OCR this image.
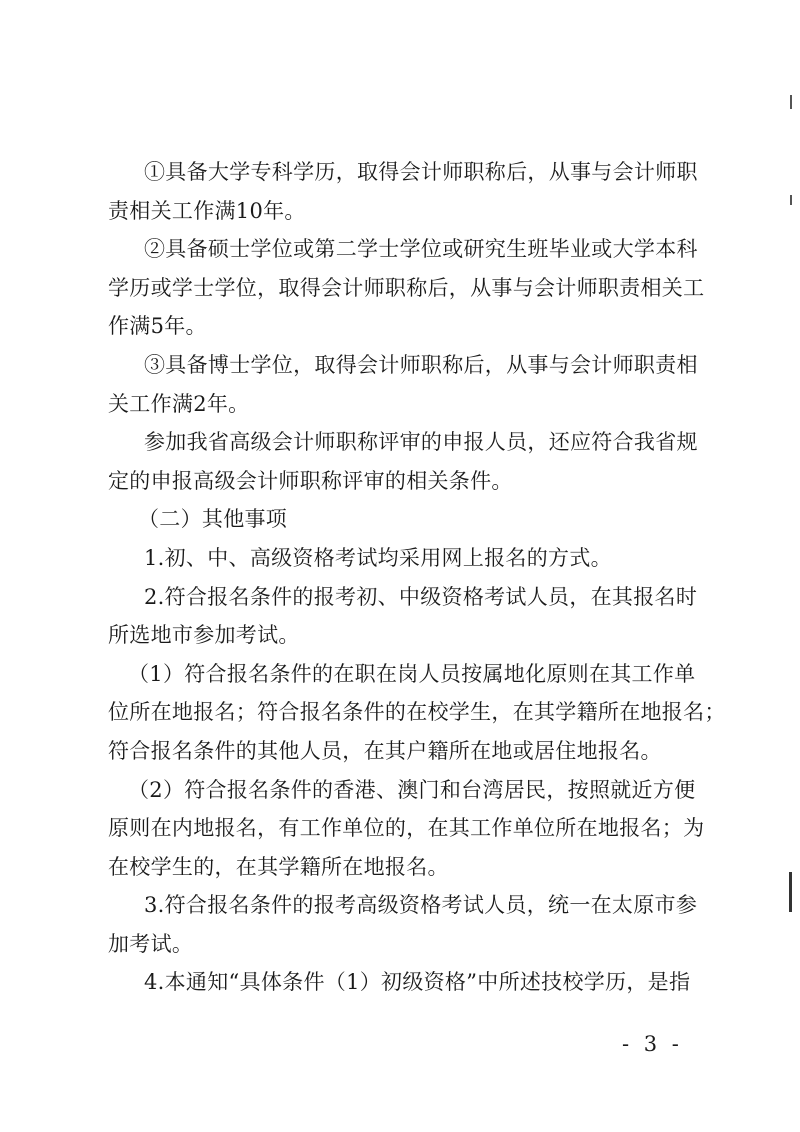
①具备大学专科学历，取得会计师职称后，从事与会计师职
责相关工作满10年。
②具备硕士学位或第二学士学位或研究生班毕业或大学本科
学历或学士学位，取得会计师职称后，从事与会计师职责相关工
作满5年。
③具备博士学位，取得会计师职称后，从事与会计师职责相
关工作满2年。
参加我省高级会计师职称评审的申报人员，还应符合我省规
定的申报高级会计师职称评审的相关条件。
（二）其他事项
1.初、中、高级资格考试均采用网上报名的方式。
2.符合报名条件的报考初、中级资格考试人员，在其报名时
所选地市参加考试。
（1）符合报名条件的在职在岗人员按属地化原则在其工作单
位所在地报名；符合报名条件的在校学生，在其学籍所在地报名；
符合报名条件的其他人员，在其户籍所在地或居住地报名。
（2）符合报名条件的香港、澳门和台湾居民，按照就近方便
原则在内地报名，有工作单位的，在其工作单位所在地报名；为
在校学生的，在其学籍所在地报名。
3.符合报名条件的报考高级资格考试人员，统一在太原市参
加考试。
4.本通知“具体条件（1）初级资格”中所述技校学历，是指
- 3 -
